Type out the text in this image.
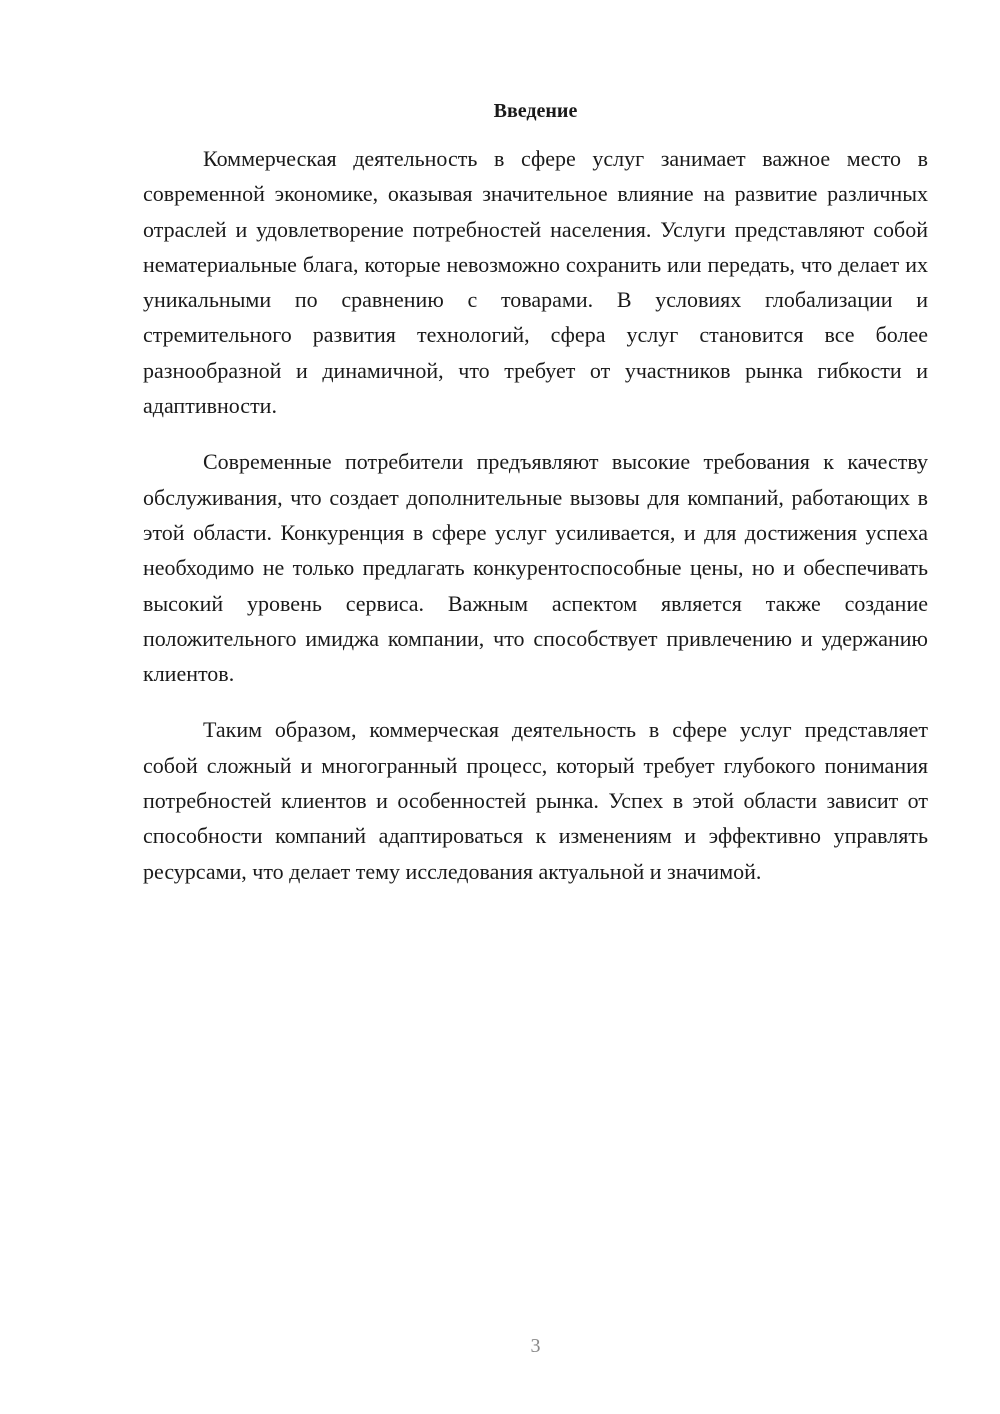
Введение

Коммерческая деятельность в сфере услуг занимает важное место в современной экономике, оказывая значительное влияние на развитие различных отраслей и удовлетворение потребностей населения. Услуги представляют собой нематериальные блага, которые невозможно сохранить или передать, что делает их уникальными по сравнению с товарами. В условиях глобализации и стремительного развития технологий, сфера услуг становится все более разнообразной и динамичной, что требует от участников рынка гибкости и адаптивности.

Современные потребители предъявляют высокие требования к качеству обслуживания, что создает дополнительные вызовы для компаний, работающих в этой области. Конкуренция в сфере услуг усиливается, и для достижения успеха необходимо не только предлагать конкурентоспособные цены, но и обеспечивать высокий уровень сервиса. Важным аспектом является также создание положительного имиджа компании, что способствует привлечению и удержанию клиентов.

Таким образом, коммерческая деятельность в сфере услуг представляет собой сложный и многогранный процесс, который требует глубокого понимания потребностей клиентов и особенностей рынка. Успех в этой области зависит от способности компаний адаптироваться к изменениям и эффективно управлять ресурсами, что делает тему исследования актуальной и значимой.

3
